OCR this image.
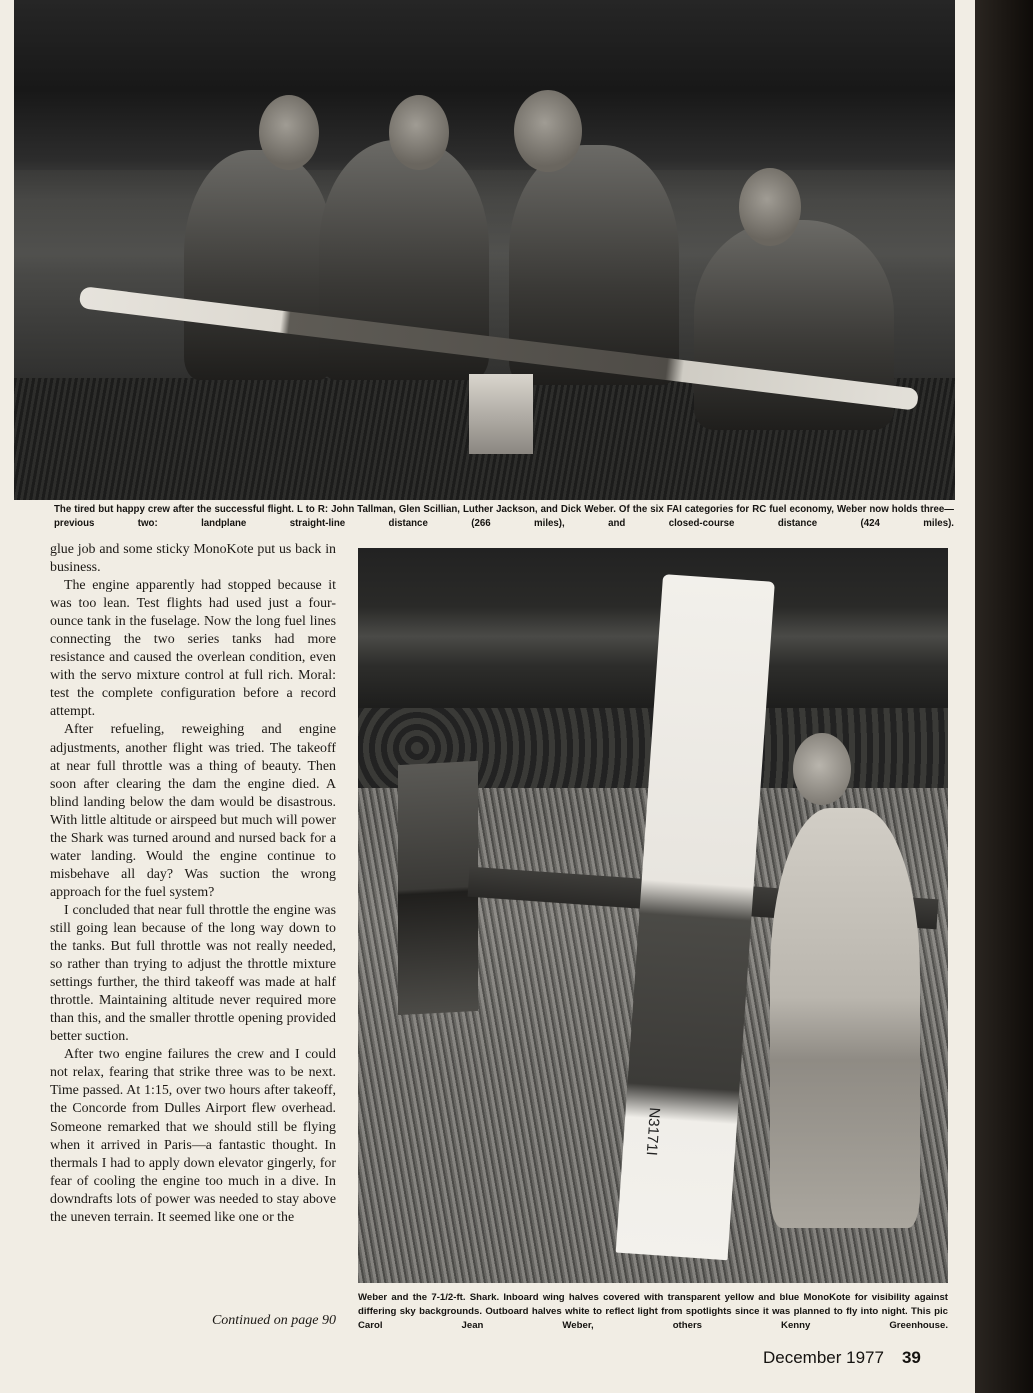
The tired but happy crew after the successful flight. L to R: John Tallman, Glen Scillian, Luther Jackson, and Dick Weber. Of the six FAI categories for RC fuel economy, Weber now holds three—previous two: landplane straight-line distance (266 miles), and closed-course distance (424 miles).

glue job and some sticky MonoKote put us back in business.

The engine apparently had stopped because it was too lean. Test flights had used just a four-ounce tank in the fuselage. Now the long fuel lines connecting the two series tanks had more resistance and caused the overlean condition, even with the servo mixture control at full rich. Moral: test the complete configuration before a record attempt.

After refueling, reweighing and engine adjustments, another flight was tried. The takeoff at near full throttle was a thing of beauty. Then soon after clearing the dam the engine died. A blind landing below the dam would be disastrous. With little altitude or airspeed but much will power the Shark was turned around and nursed back for a water landing. Would the engine continue to misbehave all day? Was suction the wrong approach for the fuel system?

I concluded that near full throttle the engine was still going lean because of the long way down to the tanks. But full throttle was not really needed, so rather than trying to adjust the throttle mixture settings further, the third takeoff was made at half throttle. Maintaining altitude never required more than this, and the smaller throttle opening provided better suction.

After two engine failures the crew and I could not relax, fearing that strike three was to be next. Time passed. At 1:15, over two hours after takeoff, the Concorde from Dulles Airport flew overhead. Someone remarked that we should still be flying when it arrived in Paris—a fantastic thought. In thermals I had to apply down elevator gingerly, for fear of cooling the engine too much in a dive. In downdrafts lots of power was needed to stay above the uneven terrain. It seemed like one or the

Continued on page 90
N3171I
Weber and the 7-1/2-ft. Shark. Inboard wing halves covered with transparent yellow and blue MonoKote for visibility against differing sky backgrounds. Outboard halves white to reflect light from spotlights since it was planned to fly into night. This pic Carol Jean Weber, others Kenny Greenhouse.
December 1977 39
